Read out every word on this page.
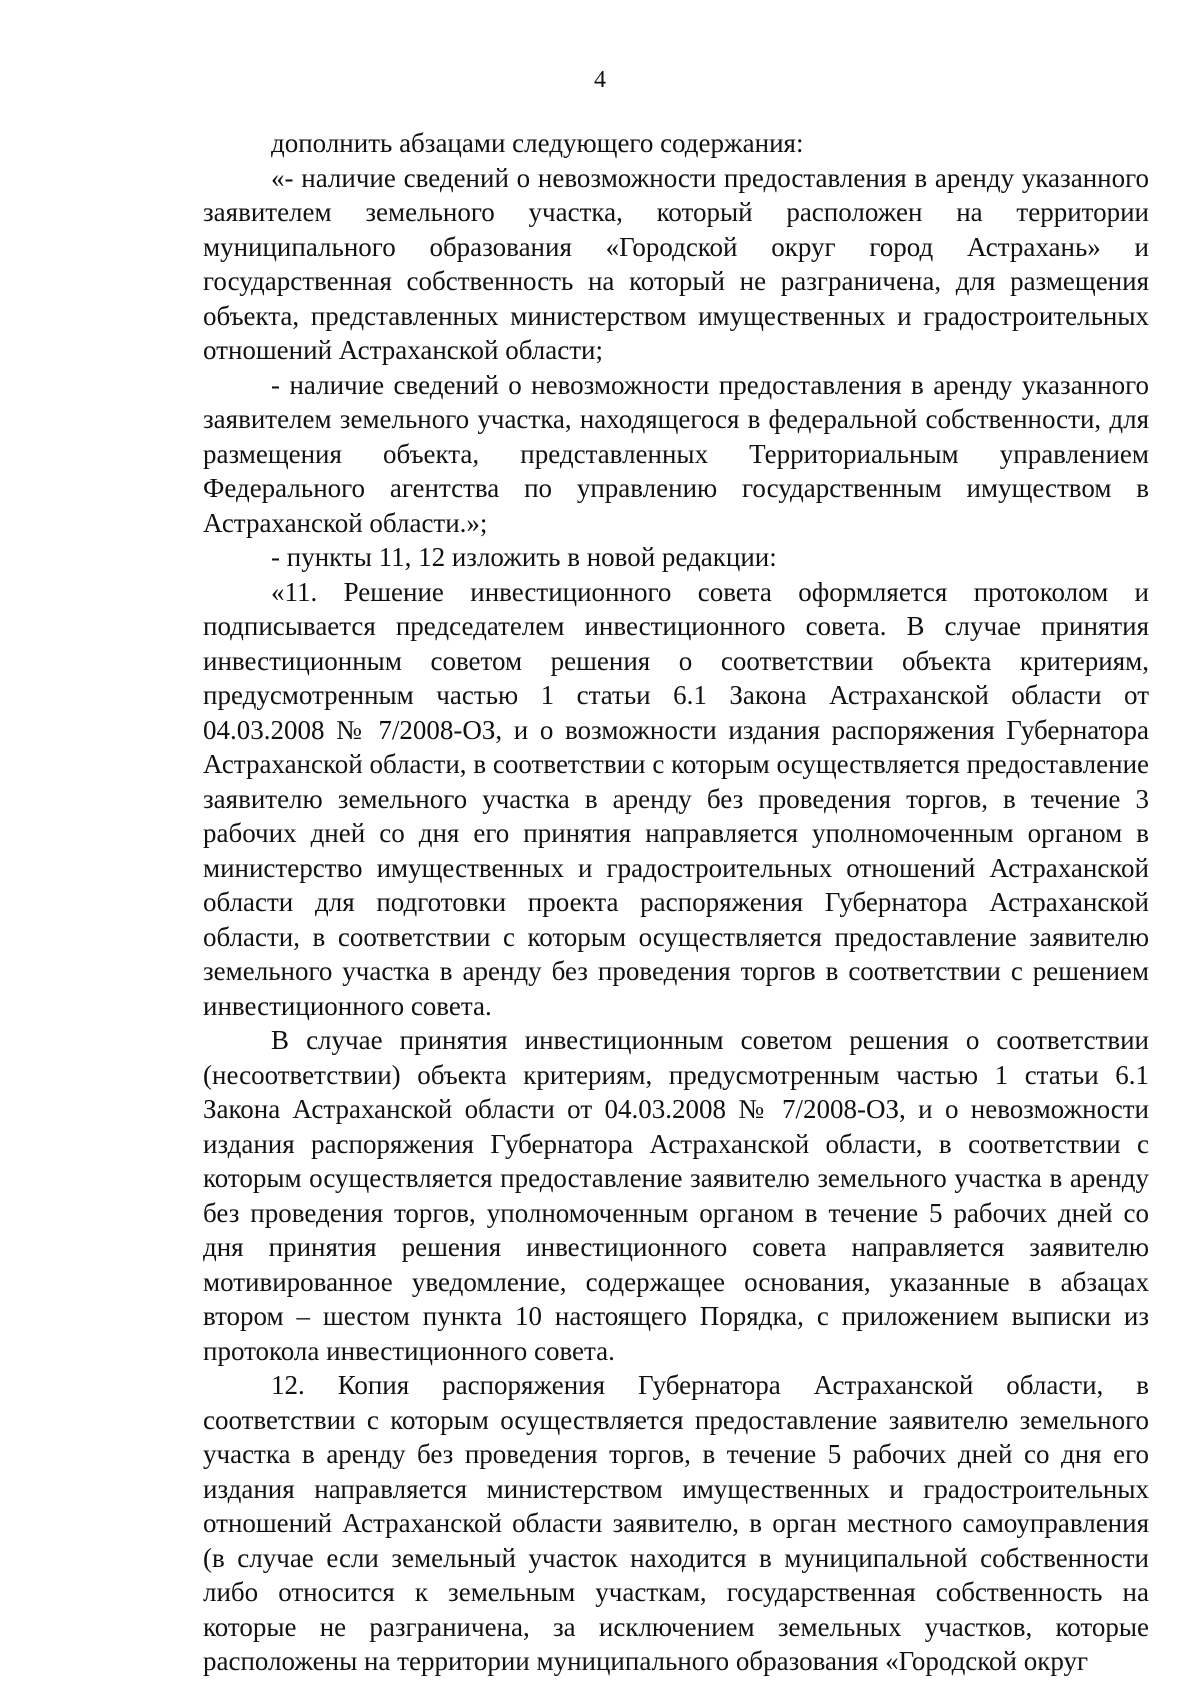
4

дополнить абзацами следующего содержания:

«- наличие сведений о невозможности предоставления в аренду указанного заявителем земельного участка, который расположен на территории муниципального образования «Городской округ город Астрахань» и государственная собственность на который не разграничена, для размещения объекта, представленных министерством имущественных и градостроительных отношений Астраханской области;

- наличие сведений о невозможности предоставления в аренду указанного заявителем земельного участка, находящегося в федеральной собственности, для размещения объекта, представленных Территориальным управлением Федерального агентства по управлению государственным имуществом в Астраханской области.»;

- пункты 11, 12 изложить в новой редакции:

«11. Решение инвестиционного совета оформляется протоколом и подписывается председателем инвестиционного совета. В случае принятия инвестиционным советом решения о соответствии объекта критериям, предусмотренным частью 1 статьи 6.1 Закона Астраханской области от 04.03.2008 № 7/2008-ОЗ, и о возможности издания распоряжения Губернатора Астраханской области, в соответствии с которым осуществляется предоставление заявителю земельного участка в аренду без проведения торгов, в течение 3 рабочих дней со дня его принятия направляется уполномоченным органом в министерство имущественных и градостроительных отношений Астраханской области для подготовки проекта распоряжения Губернатора Астраханской области, в соответствии с которым осуществляется предоставление заявителю земельного участка в аренду без проведения торгов в соответствии с решением инвестиционного совета.

В случае принятия инвестиционным советом решения о соответствии (несоответствии) объекта критериям, предусмотренным частью 1 статьи 6.1 Закона Астраханской области от 04.03.2008 № 7/2008-ОЗ, и о невозможности издания распоряжения Губернатора Астраханской области, в соответствии с которым осуществляется предоставление заявителю земельного участка в аренду без проведения торгов, уполномоченным органом в течение 5 рабочих дней со дня принятия решения инвестиционного совета направляется заявителю мотивированное уведомление, содержащее основания, указанные в абзацах втором – шестом пункта 10 настоящего Порядка, с приложением выписки из протокола инвестиционного совета.

12. Копия распоряжения Губернатора Астраханской области, в соответствии с которым осуществляется предоставление заявителю земельного участка в аренду без проведения торгов, в течение 5 рабочих дней со дня его издания направляется министерством имущественных и градостроительных отношений Астраханской области заявителю, в орган местного самоуправления (в случае если земельный участок находится в муниципальной собственности либо относится к земельным участкам, государственная собственность на которые не разграничена, за исключением земельных участков, которые расположены на территории муниципального образования «Городской округ
